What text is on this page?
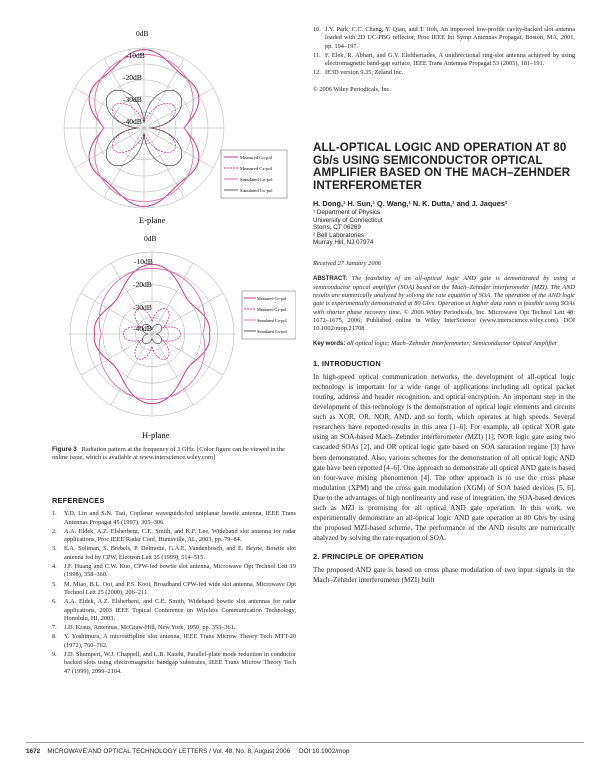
0dB
-10dB
-20dB
-30dB
-40dB
Measured Co-pol
Measured Cx-pol
Simulated Co-pol
Simulated Cx-pol
E-plane
0dB
-10dB
-20dB
-30dB
-40dB
Measured Co-pol
Measured Cx-pol
Simulated Co-pol
Simulated Cx-pol
H-plane
Figure 3 Radiation pattern at the frequency of 3 GHz. [Color figure can be viewed in the online issue, which is available at www.interscience.wiley.com]
REFERENCES
1. Y.D. Lin and S.N. Tsai, Coplanar waveguide-fed uniplanar bowtie antenna, IEEE Trans Antennas Propagat 45 (1997), 305–306.
2. A.A. Eldek, A.Z. Elsherbeni, C.E. Smith, and K.F. Lee, Wideband slot antenna for radar applications, Proc IEEE Radar Conf, Huntsville, AL, 2003, pp. 79–84.
3. E.A. Soliman, S. Brebels, P. Delmotte, G.A.E. Vandenbosch, and E. Beyne, Bowtie slot antenna fed by CPW, Electron Lett 35 (1999), 514–515.
4. J.F. Huang and C.W. Kuo, CPW-fed bowtie slot antenna, Microwave Opt Technol Lett 19 (1998), 358–360.
5. M. Miao, B.L. Ooi, and P.S. Kooi, Broadband CPW-fed wide slot antenna, Microwave Opt Technol Lett 25 (2000), 206–211.
6. A.A. Eldek, A.Z. Elsherbeni, and C.E. Smith, Wideband bowtie slot antennas for radar applications, 2003 IEEE Topical Conference on Wireless Communication Technology, Honolulu, HI, 2003.
7. J.D. Kraus, Antennas, McGraw-Hill, New York, 1950, pp. 353–361.
8. Y. Yoshimura, A microstripline slot antenna, IEEE Trans Microw Theory Tech MTT-20 (1972), 760–762.
9. J.D. Shumpert, W.J. Chappell, and L.B. Katehi, Parallel-plate mode reduction in conductor backed slots using electromagnetic bandgap substrates, IEEE Trans Microw Theory Tech 47 (1999), 2099–2104.
10. J.Y. Park, C.C. Chang, Y. Qian, and T. Itoh, An improved low-profile cavity-backed slot antenna loaded with 2D UC-PBG reflector, Proc IEEE Int Symp Antennas Propagat, Boston, MA, 2001, pp. 194–197.
11. F. Elek, R. Abhari, and G.V. Eleftheriades, A unidirectional ring-slot antenna achieved by using electromagnetic band-gap surface, IEEE Trans Antennas Propagat 53 (2005), 181–191.
12. IE3D version 9.35, Zeland Inc.
© 2006 Wiley Periodicals, Inc.
ALL-OPTICAL LOGIC AND OPERATION AT 80 Gb/s USING SEMICONDUCTOR OPTICAL AMPLIFIER BASED ON THE MACH–ZEHNDER INTERFEROMETER
H. Dong,¹ H. Sun,¹ Q. Wang,¹ N. K. Dutta,¹ and J. Jaques²
¹ Department of Physics
University of Connecticut
Storrs, CT 06269
² Bell Laboratories
Murray Hill, NJ 07974
Received 27 January 2006
ABSTRACT: The feasibility of an all-optical logic AND gate is demonstrated by using a semiconductor optical amplifier (SOA) based on the Mach–Zehnder interferometer (MZI). The AND results are numerically analyzed by solving the rate equation of SOA. The operation of the AND logic gate is experimentally demonstrated at 80 Gb/s. Operation at higher data rates is feasible using SOAs with shorter phase recovery time. © 2006 Wiley Periodicals, Inc. Microwave Opt Technol Lett 48: 1672–1675, 2006; Published online in Wiley InterScience (www.interscience.wiley.com). DOI 10.1002/mop.21708
Key words: all optical logic; Mach–Zehnder Interferometer; Semiconductor Optical Amplifier
1. INTRODUCTION
In high-speed optical communication networks, the development of all-optical logic technology is important for a wide range of applications including all optical packet routing, address and header recognition, and optical encryption. An important step in the development of this technology is the demonstration of optical logic elements and circuits such as XOR, OR, NOR, AND, and so forth, which operates at high speeds. Several researchers have reported results in this area [1–6]. For example, all optical XOR gate using an SOA-based Mach–Zehnder interferometer (MZI) [1], NOR logic gate using two cascaded SOAs [2], and OR optical logic gate based on SOA saturation regime [3] have been demonstrated. Also, various schemes for the demonstration of all optical logic AND gate have been reported [4–6]. One approach to demonstrate all optical AND gate is based on four-wave mixing phenomenon [4]. The other approach is to use the cross phase modulation (XPM) and the cross gain modulation (XGM) of SOA based devices [5, 6]. Due to the advantages of high nonlinearity and ease of integration, the SOA-based devices such as MZI is promising for all optical AND gate operation. In this work, we experimentally demonstrate an all-optical logic AND gate operation at 80 Gb/s by using the proposed MZI-based scheme. The performance of the AND results are numerically analyzed by solving the rate equation of SOA.
2. PRINCIPLE OF OPERATION
The proposed AND gate is based on cross phase modulation of two input signals in the Mach–Zehnder interferometer (MZI) built
1672 MICROWAVE AND OPTICAL TECHNOLOGY LETTERS / Vol. 48, No. 8, August 2006 DOI 10.1002/mop
